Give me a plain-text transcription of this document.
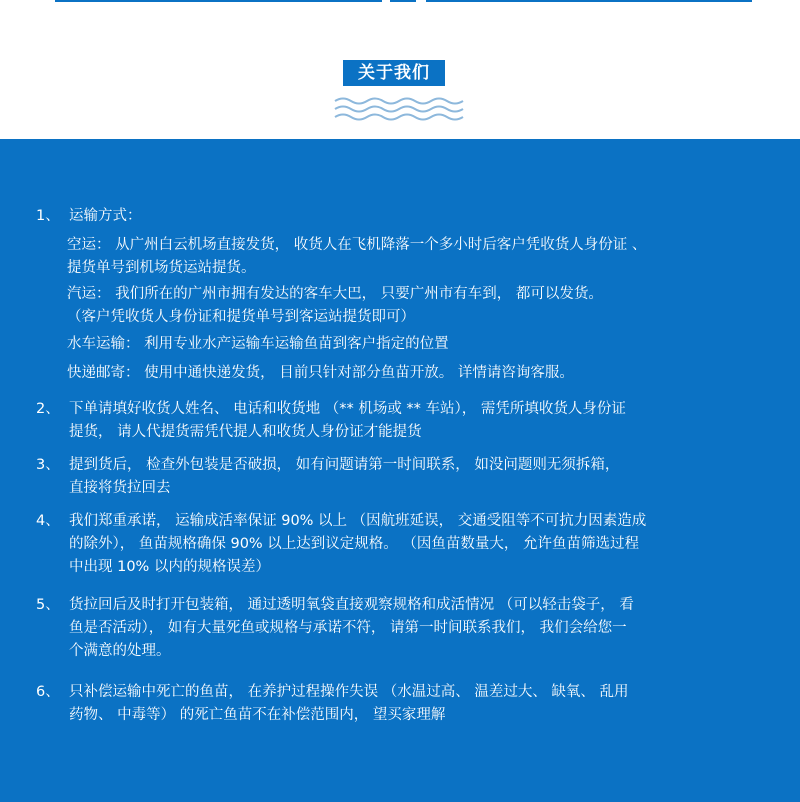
关于我们
1、 运输方式：
空运： 从广州白云机场直接发货， 收货人在飞机降落一个多小时后客户凭收货人身份证 、
提货单号到机场货运站提货。
汽运： 我们所在的广州市拥有发达的客车大巴， 只要广州市有车到， 都可以发货。
（客户凭收货人身份证和提货单号到客运站提货即可）
水车运输： 利用专业水产运输车运输鱼苗到客户指定的位置
快递邮寄： 使用中通快递发货， 目前只针对部分鱼苗开放。 详情请咨询客服。
2、 下单请填好收货人姓名、 电话和收货地 （** 机场或 ** 车站）， 需凭所填收货人身份证
提货， 请人代提货需凭代提人和收货人身份证才能提货
3、 提到货后， 检查外包装是否破损， 如有问题请第一时间联系， 如没问题则无须拆箱，
直接将货拉回去
4、 我们郑重承诺， 运输成活率保证 90% 以上 （因航班延误， 交通受阻等不可抗力因素造成
的除外）， 鱼苗规格确保 90% 以上达到议定规格。 （因鱼苗数量大， 允许鱼苗筛选过程
中出现 10% 以内的规格误差）
5、 货拉回后及时打开包装箱， 通过透明氧袋直接观察规格和成活情况 （可以轻击袋子， 看
鱼是否活动）， 如有大量死鱼或规格与承诺不符， 请第一时间联系我们， 我们会给您一
个满意的处理。
6、 只补偿运输中死亡的鱼苗， 在养护过程操作失误 （水温过高、 温差过大、 缺氧、 乱用
药物、 中毒等） 的死亡鱼苗不在补偿范围内， 望买家理解
